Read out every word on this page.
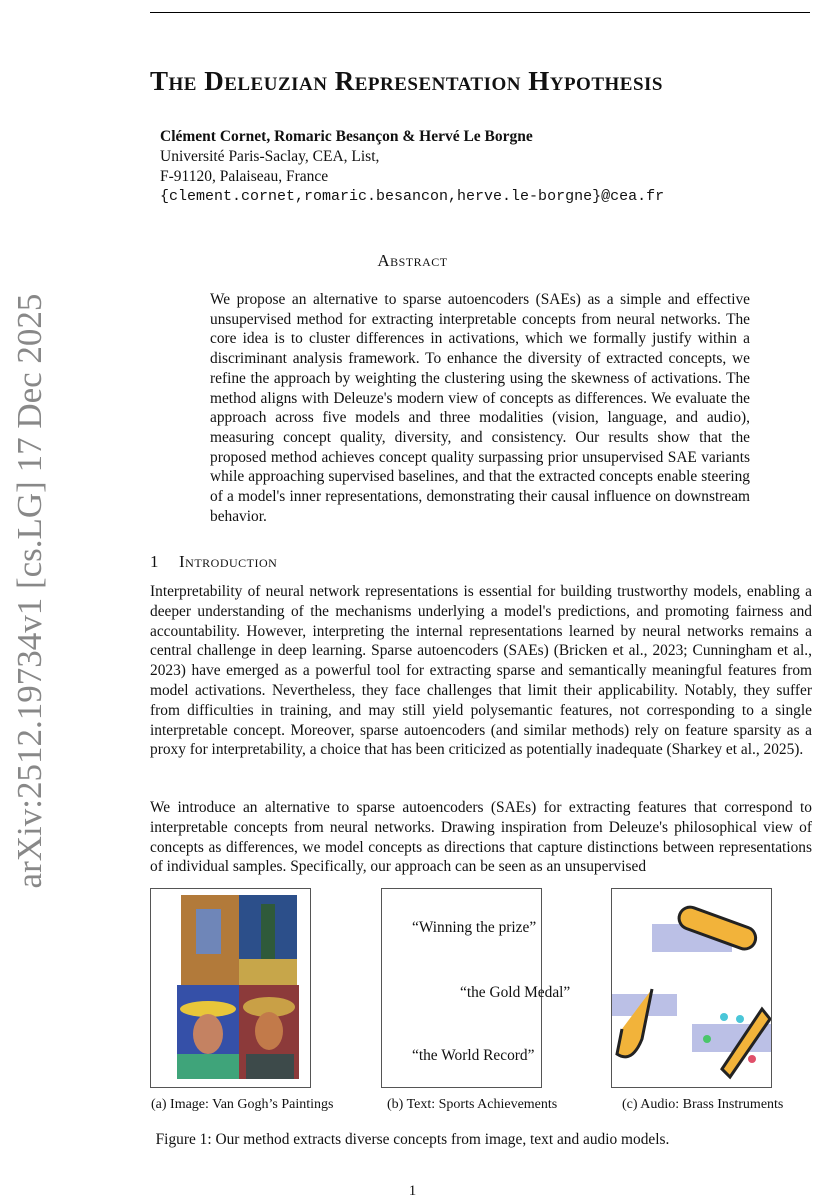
arXiv:2512.19734v1 [cs.LG] 17 Dec 2025
The Deleuzian Representation Hypothesis
Clément Cornet, Romaric Besançon & Hervé Le Borgne
Université Paris-Saclay, CEA, List,
F-91120, Palaiseau, France
{clement.cornet,romaric.besancon,herve.le-borgne}@cea.fr
Abstract

We propose an alternative to sparse autoencoders (SAEs) as a simple and effective unsupervised method for extracting interpretable concepts from neural networks. The core idea is to cluster differences in activations, which we formally justify within a discriminant analysis framework. To enhance the diversity of extracted concepts, we refine the approach by weighting the clustering using the skewness of activations. The method aligns with Deleuze's modern view of concepts as differences. We evaluate the approach across five models and three modalities (vision, language, and audio), measuring concept quality, diversity, and consistency. Our results show that the proposed method achieves concept quality surpassing prior unsupervised SAE variants while approaching supervised baselines, and that the extracted concepts enable steering of a model's inner representations, demonstrating their causal influence on downstream behavior.

1 Introduction

Interpretability of neural network representations is essential for building trustworthy models, enabling a deeper understanding of the mechanisms underlying a model's predictions, and promoting fairness and accountability. However, interpreting the internal representations learned by neural networks remains a central challenge in deep learning. Sparse autoencoders (SAEs) (Bricken et al., 2023; Cunningham et al., 2023) have emerged as a powerful tool for extracting sparse and semantically meaningful features from model activations. Nevertheless, they face challenges that limit their applicability. Notably, they suffer from difficulties in training, and may still yield polysemantic features, not corresponding to a single interpretable concept. Moreover, sparse autoencoders (and similar methods) rely on feature sparsity as a proxy for interpretability, a choice that has been criticized as potentially inadequate (Sharkey et al., 2025).

We introduce an alternative to sparse autoencoders (SAEs) for extracting features that correspond to interpretable concepts from neural networks. Drawing inspiration from Deleuze's philosophical view of concepts as differences, we model concepts as directions that capture distinctions between representations of individual samples. Specifically, our approach can be seen as an unsupervised

“Winning the prize”
“the Gold Medal”
“the World Record”
(a) Image: Van Gogh’s Paintings	(b) Text: Sports Achievements	(c) Audio: Brass Instruments
Figure 1: Our method extracts diverse concepts from image, text and audio models.
1
